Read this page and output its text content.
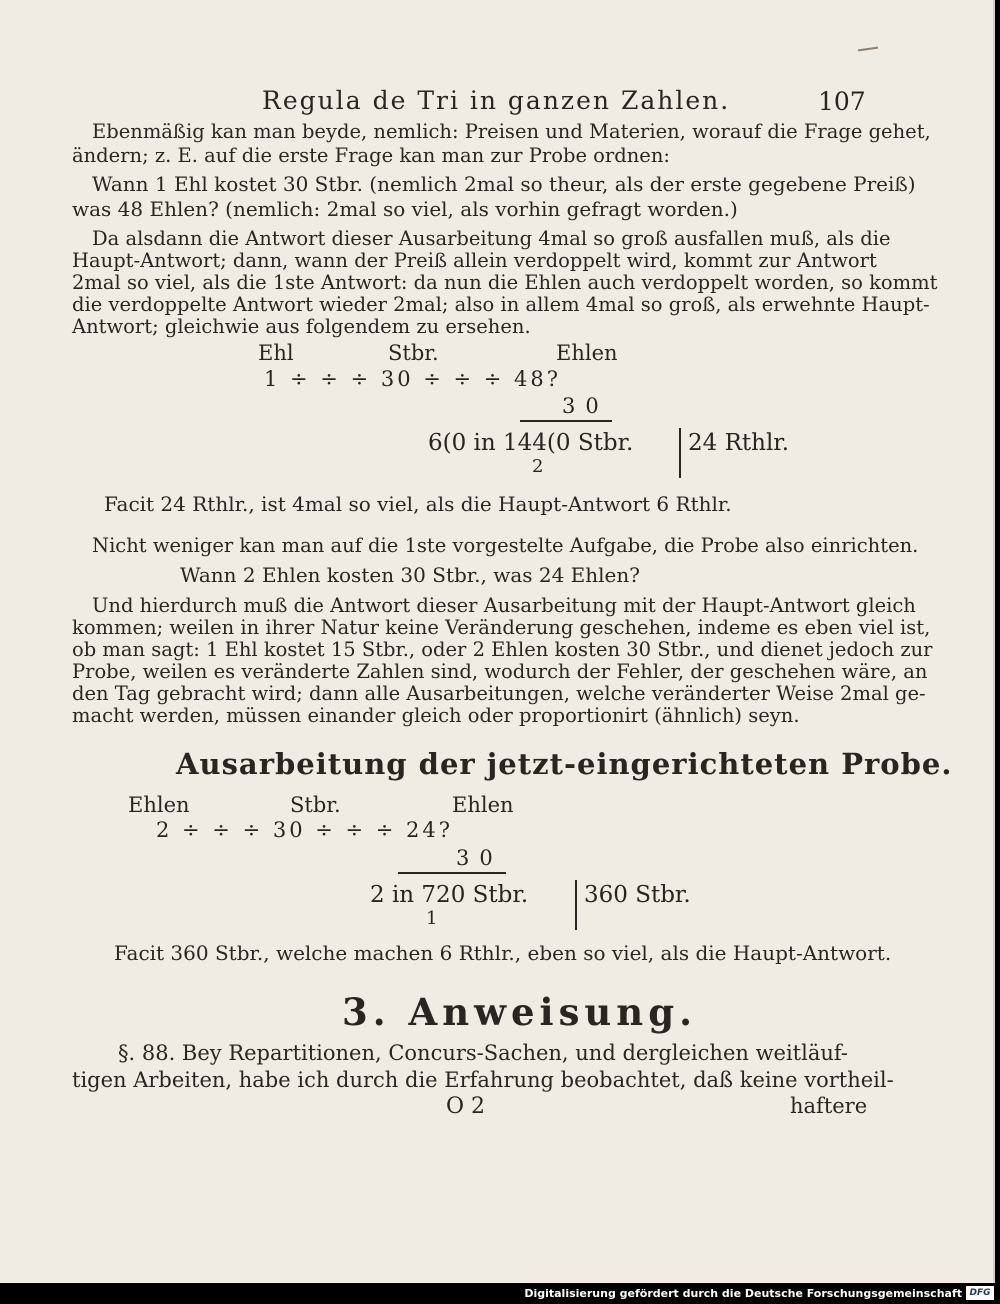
Regula de Tri in ganzen Zahlen.	107
Ebenmäßig kan man beyde, nemlich: Preisen und Materien, worauf die Frage gehet,
ändern; z. E. auf die erste Frage kan man zur Probe ordnen:
Wann 1 Ehl kostet 30 Stbr. (nemlich 2mal so theur, als der erste gegebene Preiß)
was 48 Ehlen? (nemlich: 2mal so viel, als vorhin gefragt worden.)
Da alsdann die Antwort dieser Ausarbeitung 4mal so groß ausfallen muß, als die
Haupt-Antwort; dann, wann der Preiß allein verdoppelt wird, kommt zur Antwort
2mal so viel, als die 1ste Antwort: da nun die Ehlen auch verdoppelt worden, so kommt
die verdoppelte Antwort wieder 2mal; also in allem 4mal so groß, als erwehnte Haupt-
Antwort; gleichwie aus folgendem zu ersehen.
Ehl	Stbr.	Ehlen
1 ÷ ÷ ÷ 30 ÷ ÷ ÷ 48?
30
6(0 in 144(0 Stbr.
2
24 Rthlr.
Facit 24 Rthlr., ist 4mal so viel, als die Haupt-Antwort 6 Rthlr.
Nicht weniger kan man auf die 1ste vorgestelte Aufgabe, die Probe also einrichten.
Wann 2 Ehlen kosten 30 Stbr., was 24 Ehlen?
Und hierdurch muß die Antwort dieser Ausarbeitung mit der Haupt-Antwort gleich
kommen; weilen in ihrer Natur keine Veränderung geschehen, indeme es eben viel ist,
ob man sagt: 1 Ehl kostet 15 Stbr., oder 2 Ehlen kosten 30 Stbr., und dienet jedoch zur
Probe, weilen es veränderte Zahlen sind, wodurch der Fehler, der geschehen wäre, an
den Tag gebracht wird; dann alle Ausarbeitungen, welche veränderter Weise 2mal ge-
macht werden, müssen einander gleich oder proportionirt (ähnlich) seyn.
Ausarbeitung der jetzt-eingerichteten Probe.
Ehlen	Stbr.	Ehlen
2 ÷ ÷ ÷ 30 ÷ ÷ ÷ 24?
30
2 in 720 Stbr.
1
360 Stbr.
Facit 360 Stbr., welche machen 6 Rthlr., eben so viel, als die Haupt-Antwort.
3. Anweisung.
§. 88. Bey Repartitionen, Concurs-Sachen, und dergleichen weitläuf-
tigen Arbeiten, habe ich durch die Erfahrung beobachtet, daß keine vortheil-
O 2	haftere
Digitalisierung gefördert durch die Deutsche Forschungsgemeinschaft DFG
